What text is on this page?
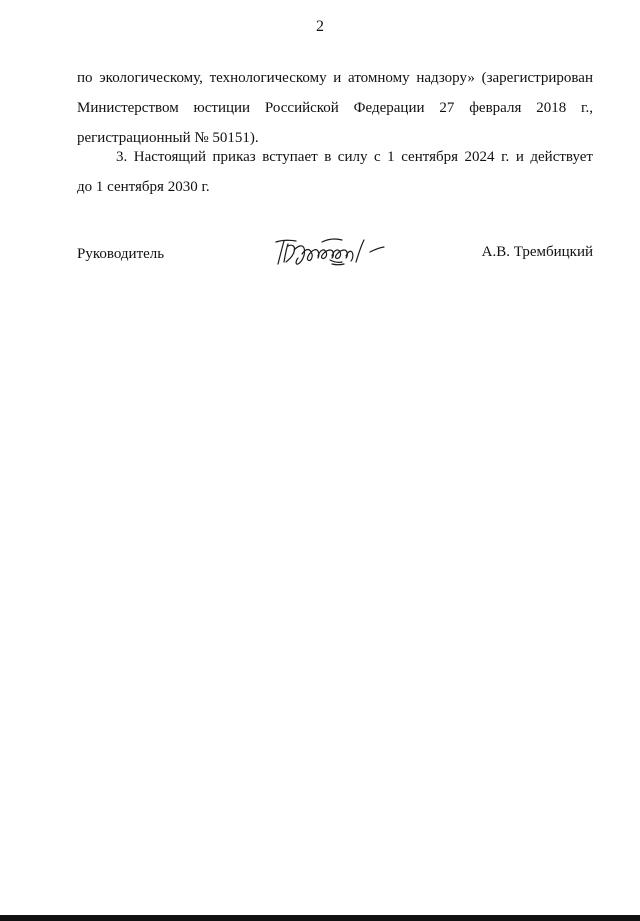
2
по экологическому, технологическому и атомному надзору» (зарегистрирован
Министерством юстиции Российской Федерации 27 февраля 2018 г.,
регистрационный № 50151).
3. Настоящий приказ вступает в силу с 1 сентября 2024 г. и действует
до 1 сентября 2030 г.
Руководитель	А.В. Трембицкий
